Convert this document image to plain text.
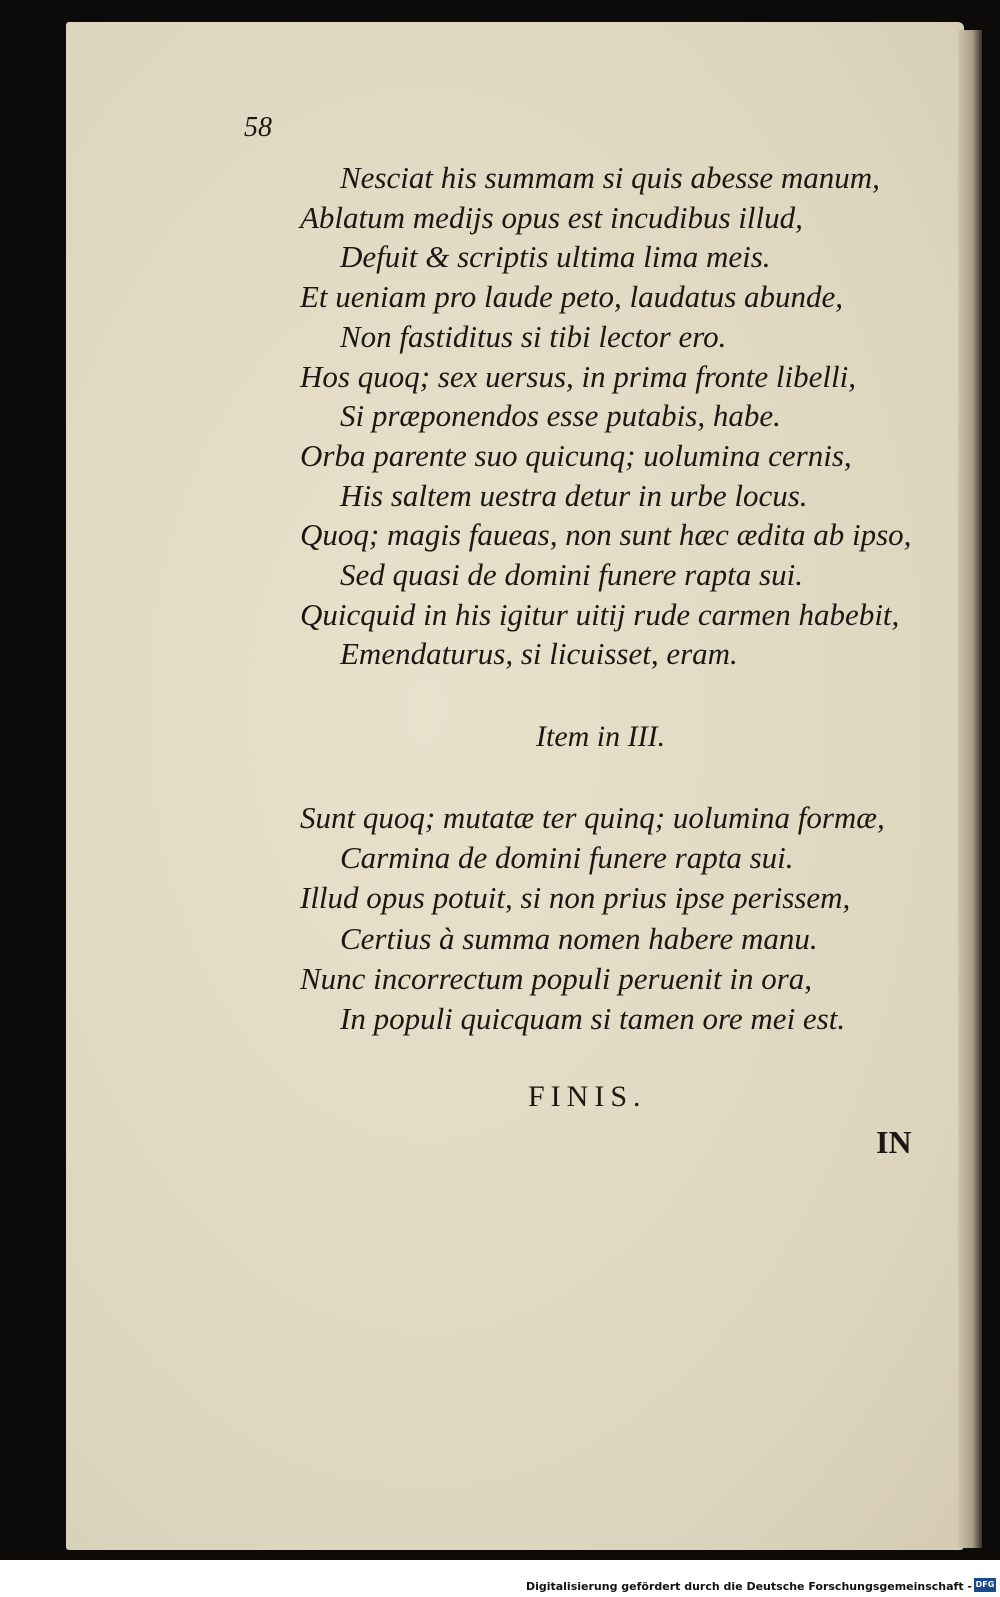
58
Nesciat his summam si quis abesse manum,
Ablatum medijs opus est incudibus illud,
Defuit & scriptis ultima lima meis.
Et ueniam pro laude peto, laudatus abunde,
Non fastiditus si tibi lector ero.
Hos quoq; sex uersus, in prima fronte libelli,
Si præponendos esse putabis, habe.
Orba parente suo quicunq; uolumina cernis,
His saltem uestra detur in urbe locus.
Quoq; magis faueas, non sunt hæc ædita ab ipso,
Sed quasi de domini funere rapta sui.
Quicquid in his igitur uitij rude carmen habebit,
Emendaturus, si licuisset, eram.
Item in III.
Sunt quoq; mutatæ ter quinq; uolumina formæ,
Carmina de domini funere rapta sui.
Illud opus potuit, si non prius ipse perissem,
Certius à summa nomen habere manu.
Nunc incorrectum populi peruenit in ora,
In populi quicquam si tamen ore mei est.
FINIS.
IN
Digitalisierung gefördert durch die Deutsche Forschungsgemeinschaft - DFG
